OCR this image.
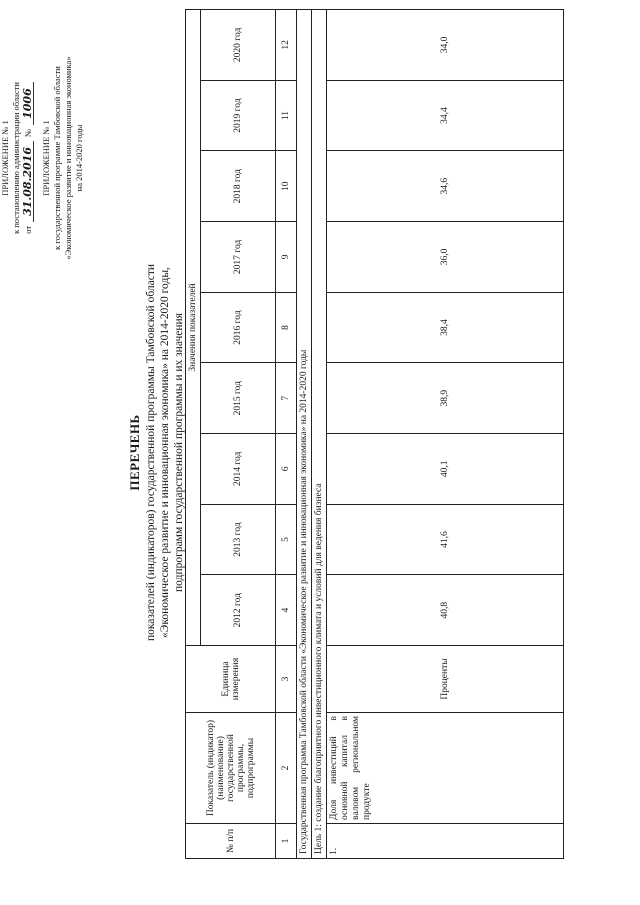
ПРИЛОЖЕНИЕ № 1 к постановлению администрации области от
31.08.2016
№
1006
ПРИЛОЖЕНИЕ № 1 к государственной программе Тамбовской области «Экономическое развитие и инновационная экономика» на 2014-2020 годы
ПЕРЕЧЕНЬ показателей (индикаторов) государственной программы Тамбовской области «Экономическое развитие и инновационная экономика» на 2014-2020 годы, подпрограмм государственной программы и их значения
№ п/п	Показатель (индикатор) (наименование) государственной программы, подпрограммы	Единица измерения	Значения показателей								
			2012 год	2013 год	2014 год	2015 год	2016 год	2017 год	2018 год	2019 год	2020 год
1	2	3	4	5	6	7	8	9	10	11	12
Государственная программа Тамбовской области «Экономическое развитие и инновационная экономика» на 2014-2020 годы											
Цель 1: создание благоприятного инвестиционного климата и условий для ведения бизнеса											
1.	Доля инвестиций в основной капитал в валовом региональном продукте	Проценты	40,8	41,6	40,1	38,9	38,4	36,0	34,6	34,4	34,0
